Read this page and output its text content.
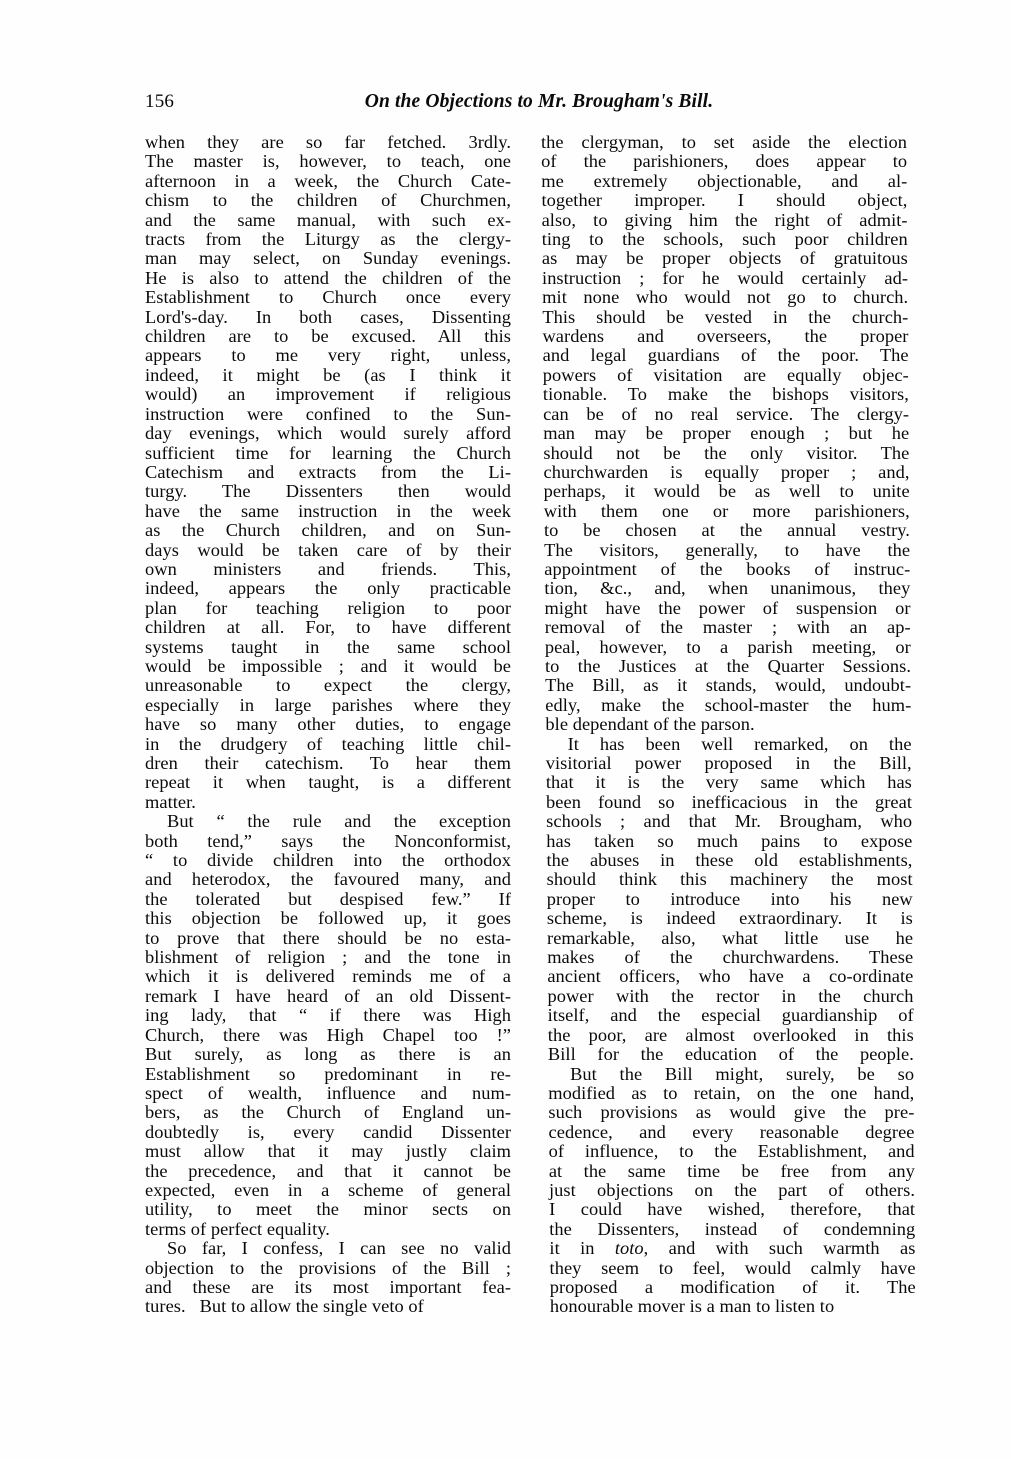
156	On the Objections to Mr. Brougham's Bill.
when they are so far fetched. 3rdly.
The master is, however, to teach, one
afternoon in a week, the Church Cate-
chism to the children of Churchmen,
and the same manual, with such ex-
tracts from the Liturgy as the clergy-
man may select, on Sunday evenings.
He is also to attend the children of the
Establishment to Church once every
Lord's-day. In both cases, Dissenting
children are to be excused. All this
appears to me very right, unless,
indeed, it might be (as I think it
would) an improvement if religious
instruction were confined to the Sun-
day evenings, which would surely afford
sufficient time for learning the Church
Catechism and extracts from the Li-
turgy. The Dissenters then would
have the same instruction in the week
as the Church children, and on Sun-
days would be taken care of by their
own ministers and friends. This,
indeed, appears the only practicable
plan for teaching religion to poor
children at all. For, to have different
systems taught in the same school
would be impossible ; and it would be
unreasonable to expect the clergy,
especially in large parishes where they
have so many other duties, to engage
in the drudgery of teaching little chil-
dren their catechism. To hear them
repeat it when taught, is a different
matter.
But “ the rule and the exception
both tend,” says the Nonconformist,
“ to divide children into the orthodox
and heterodox, the favoured many, and
the tolerated but despised few.” If
this objection be followed up, it goes
to prove that there should be no esta-
blishment of religion ; and the tone in
which it is delivered reminds me of a
remark I have heard of an old Dissent-
ing lady, that “ if there was High
Church, there was High Chapel too !”
But surely, as long as there is an
Establishment so predominant in re-
spect of wealth, influence and num-
bers, as the Church of England un-
doubtedly is, every candid Dissenter
must allow that it may justly claim
the precedence, and that it cannot be
expected, even in a scheme of general
utility, to meet the minor sects on
terms of perfect equality.
So far, I confess, I can see no valid
objection to the provisions of the Bill ;
and these are its most important fea-
tures.   But to allow the single veto of
the clergyman, to set aside the election
of the parishioners, does appear to
me extremely objectionable, and al-
together improper. I should object,
also, to giving him the right of admit-
ting to the schools, such poor children
as may be proper objects of gratuitous
instruction ; for he would certainly ad-
mit none who would not go to church.
This should be vested in the church-
wardens and overseers, the proper
and legal guardians of the poor. The
powers of visitation are equally objec-
tionable. To make the bishops visitors,
can be of no real service. The clergy-
man may be proper enough ; but he
should not be the only visitor. The
churchwarden is equally proper ; and,
perhaps, it would be as well to unite
with them one or more parishioners,
to be chosen at the annual vestry.
The visitors, generally, to have the
appointment of the books of instruc-
tion, &c., and, when unanimous, they
might have the power of suspension or
removal of the master ; with an ap-
peal, however, to a parish meeting, or
to the Justices at the Quarter Sessions.
The Bill, as it stands, would, undoubt-
edly, make the school-master the hum-
ble dependant of the parson.
It has been well remarked, on the
visitorial power proposed in the Bill,
that it is the very same which has
been found so inefficacious in the great
schools ; and that Mr. Brougham, who
has taken so much pains to expose
the abuses in these old establishments,
should think this machinery the most
proper to introduce into his new
scheme, is indeed extraordinary. It is
remarkable, also, what little use he
makes of the churchwardens. These
ancient officers, who have a co-ordinate
power with the rector in the church
itself, and the especial guardianship of
the poor, are almost overlooked in this
Bill for the education of the people.
But the Bill might, surely, be so
modified as to retain, on the one hand,
such provisions as would give the pre-
cedence, and every reasonable degree
of influence, to the Establishment, and
at the same time be free from any
just objections on the part of others.
I could have wished, therefore, that
the Dissenters, instead of condemning
it in toto, and with such warmth as
they seem to feel, would calmly have
proposed a modification of it. The
honourable mover is a man to listen to
